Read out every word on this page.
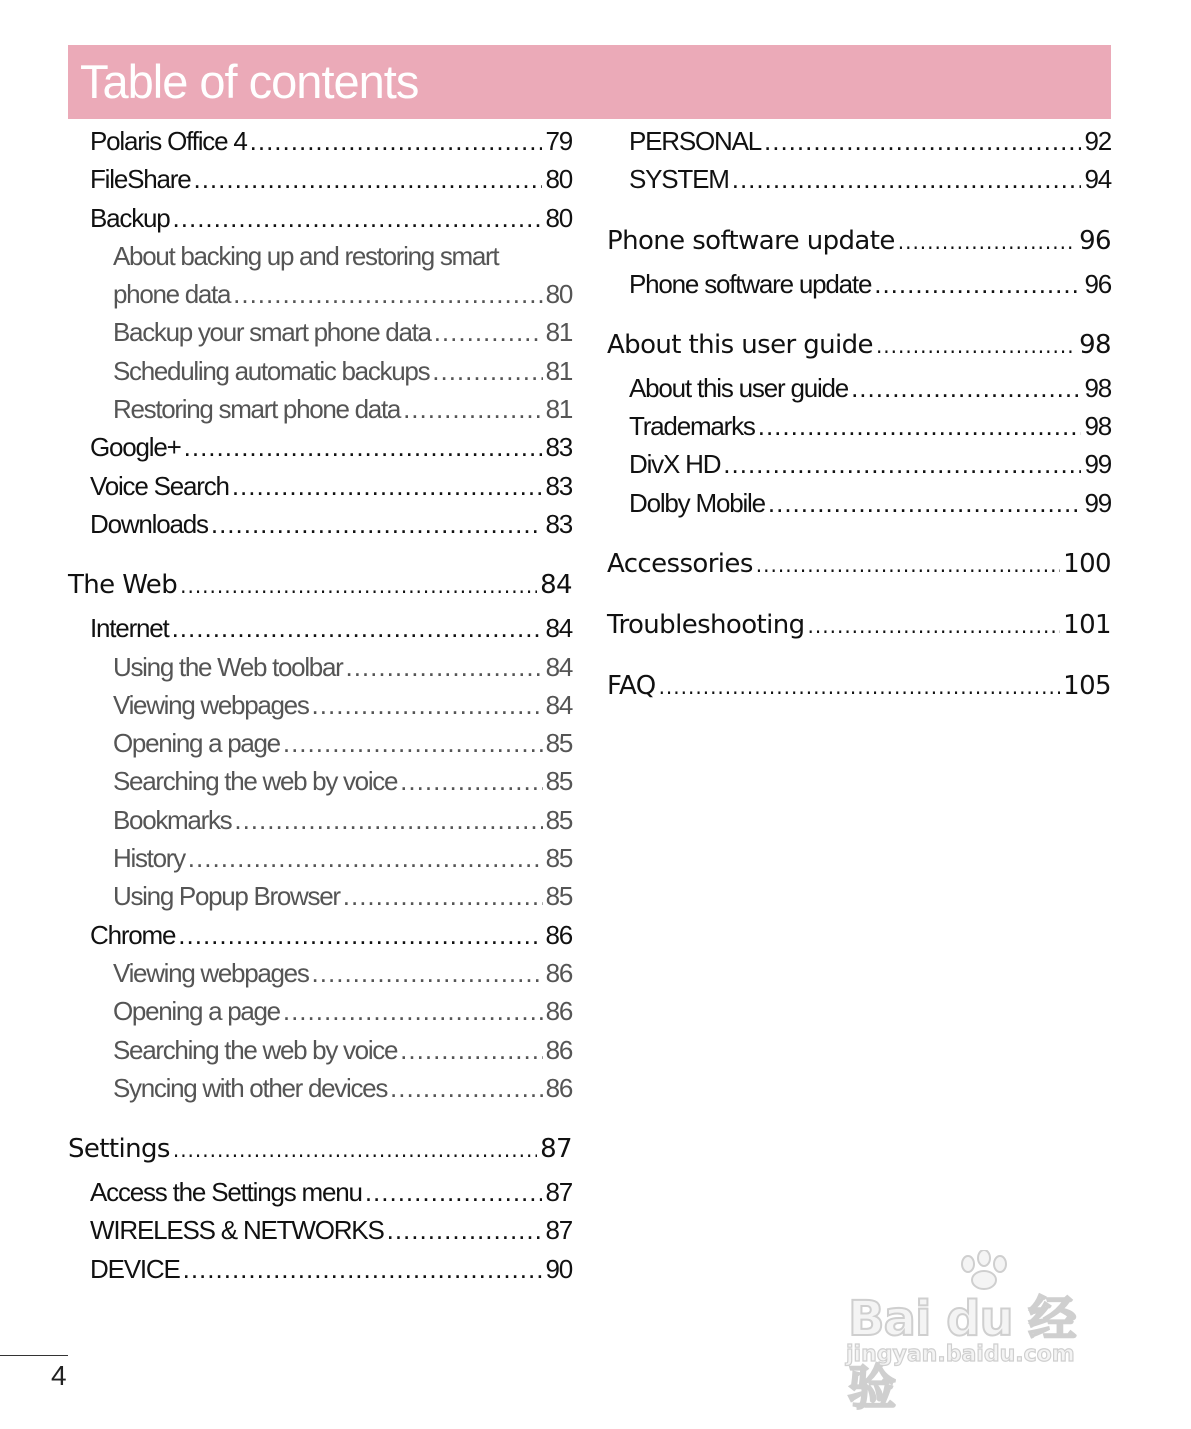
Table of contents
Polaris Office 4 .....	79
FileShare .....	80
Backup .....	80
About backing up and restoring smart
phone data .....	80
Backup your smart phone data .....	81
Scheduling automatic backups .....	81
Restoring smart phone data .....	81
Google+ .....	83
Voice Search .....	83
Downloads .....	83
The Web .....	84
Internet .....	84
Using the Web toolbar .....	84
Viewing webpages .....	84
Opening a page .....	85
Searching the web by voice .....	85
Bookmarks .....	85
History .....	85
Using Popup Browser .....	85
Chrome .....	86
Viewing webpages .....	86
Opening a page .....	86
Searching the web by voice .....	86
Syncing with other devices .....	86
Settings .....	87
Access the Settings menu .....	87
WIRELESS & NETWORKS .....	87
DEVICE .....	90
PERSONAL .....	92
SYSTEM .....	94
Phone software update .....	96
Phone software update .....	96
About this user guide .....	98
About this user guide .....	98
Trademarks .....	98
DivX HD .....	99
Dolby Mobile .....	99
Accessories .....	100
Troubleshooting .....	101
FAQ .....	105
4
Bai du 经验
jingyan.baidu.com
